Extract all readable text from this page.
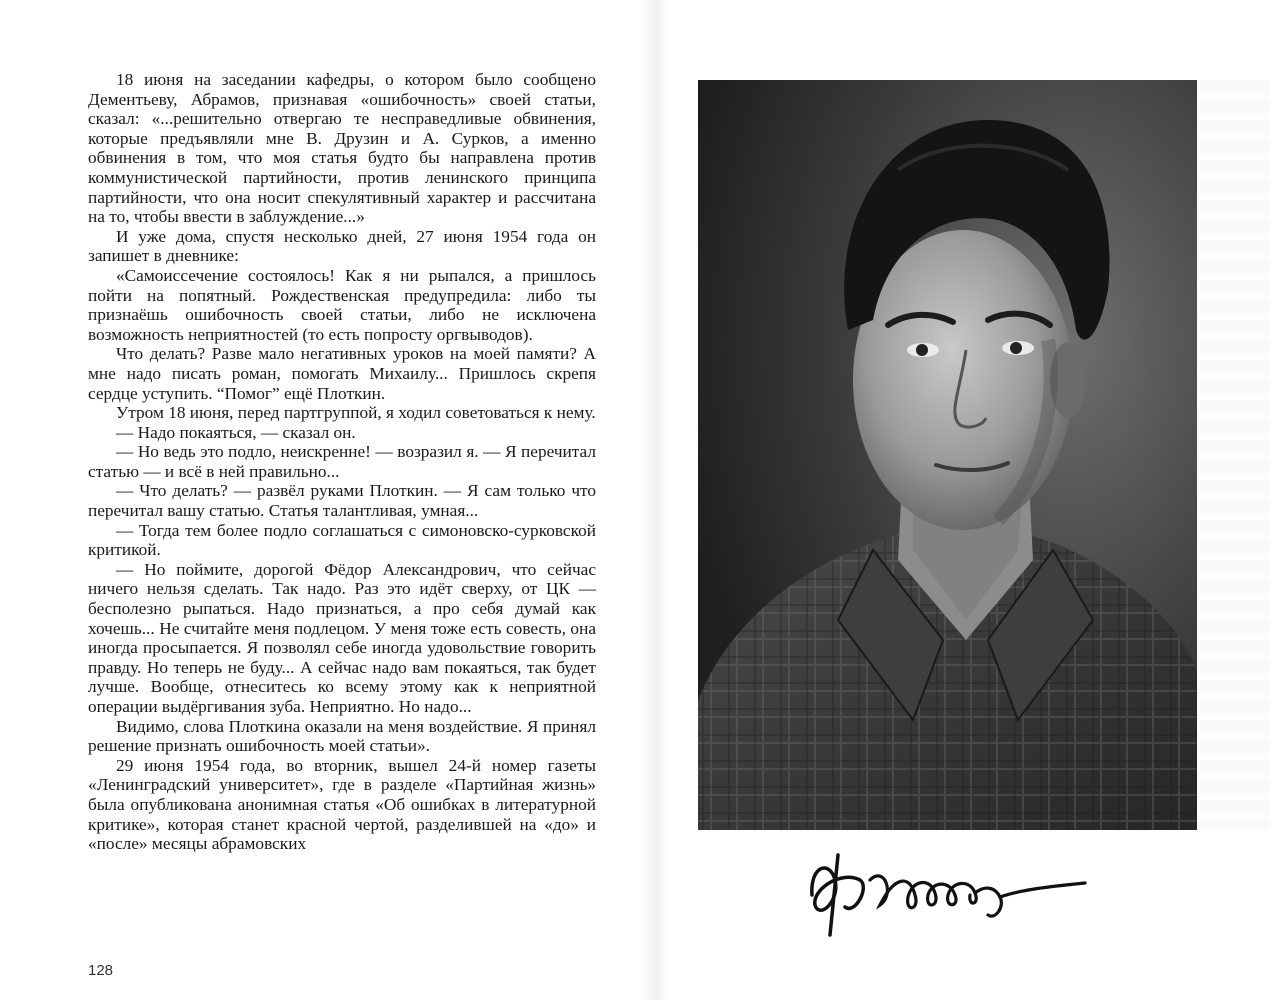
18 июня на заседании кафедры, о котором было сообщено Дементьеву, Абрамов, признавая «ошибочность» своей статьи, сказал: «...решительно отвергаю те несправедливые обвинения, которые предъявляли мне В. Друзин и А. Сурков, а именно обвинения в том, что моя статья будто бы направлена против коммунистической партийности, против ленинского принципа партийности, что она носит спекулятивный характер и рассчитана на то, чтобы ввести в заблуждение...»

И уже дома, спустя несколько дней, 27 июня 1954 года он запишет в дневнике:

«Самоиссечение состоялось! Как я ни рыпался, а пришлось пойти на попятный. Рождественская предупредила: либо ты признаёшь ошибочность своей статьи, либо не исключена возможность неприятностей (то есть попросту оргвыводов).

Что делать? Разве мало негативных уроков на моей памяти? А мне надо писать роман, помогать Михаилу... Пришлось скрепя сердце уступить. “Помог” ещё Плоткин.

Утром 18 июня, перед партгруппой, я ходил советоваться к нему.

— Надо покаяться, — сказал он.

— Но ведь это подло, неискренне! — возразил я. — Я перечитал статью — и всё в ней правильно...

— Что делать? — развёл руками Плоткин. — Я сам только что перечитал вашу статью. Статья талантливая, умная...

— Тогда тем более подло соглашаться с симоновско-сурковской критикой.

— Но поймите, дорогой Фёдор Александрович, что сейчас ничего нельзя сделать. Так надо. Раз это идёт сверху, от ЦК — бесполезно рыпаться. Надо признаться, а про себя думай как хочешь... Не считайте меня подлецом. У меня тоже есть совесть, она иногда просыпается. Я позволял себе иногда удовольствие говорить правду. Но теперь не буду... А сейчас надо вам покаяться, так будет лучше. Вообще, отнеситесь ко всему этому как к неприятной операции выдёргивания зуба. Неприятно. Но надо...

Видимо, слова Плоткина оказали на меня воздействие. Я принял решение признать ошибочность моей статьи».

29 июня 1954 года, во вторник, вышел 24-й номер газеты «Ленинградский университет», где в разделе «Партийная жизнь» была опубликована анонимная статья «Об ошибках в литературной критике», которая станет красной чертой, разделившей на «до» и «после» месяцы абрамовских

128
